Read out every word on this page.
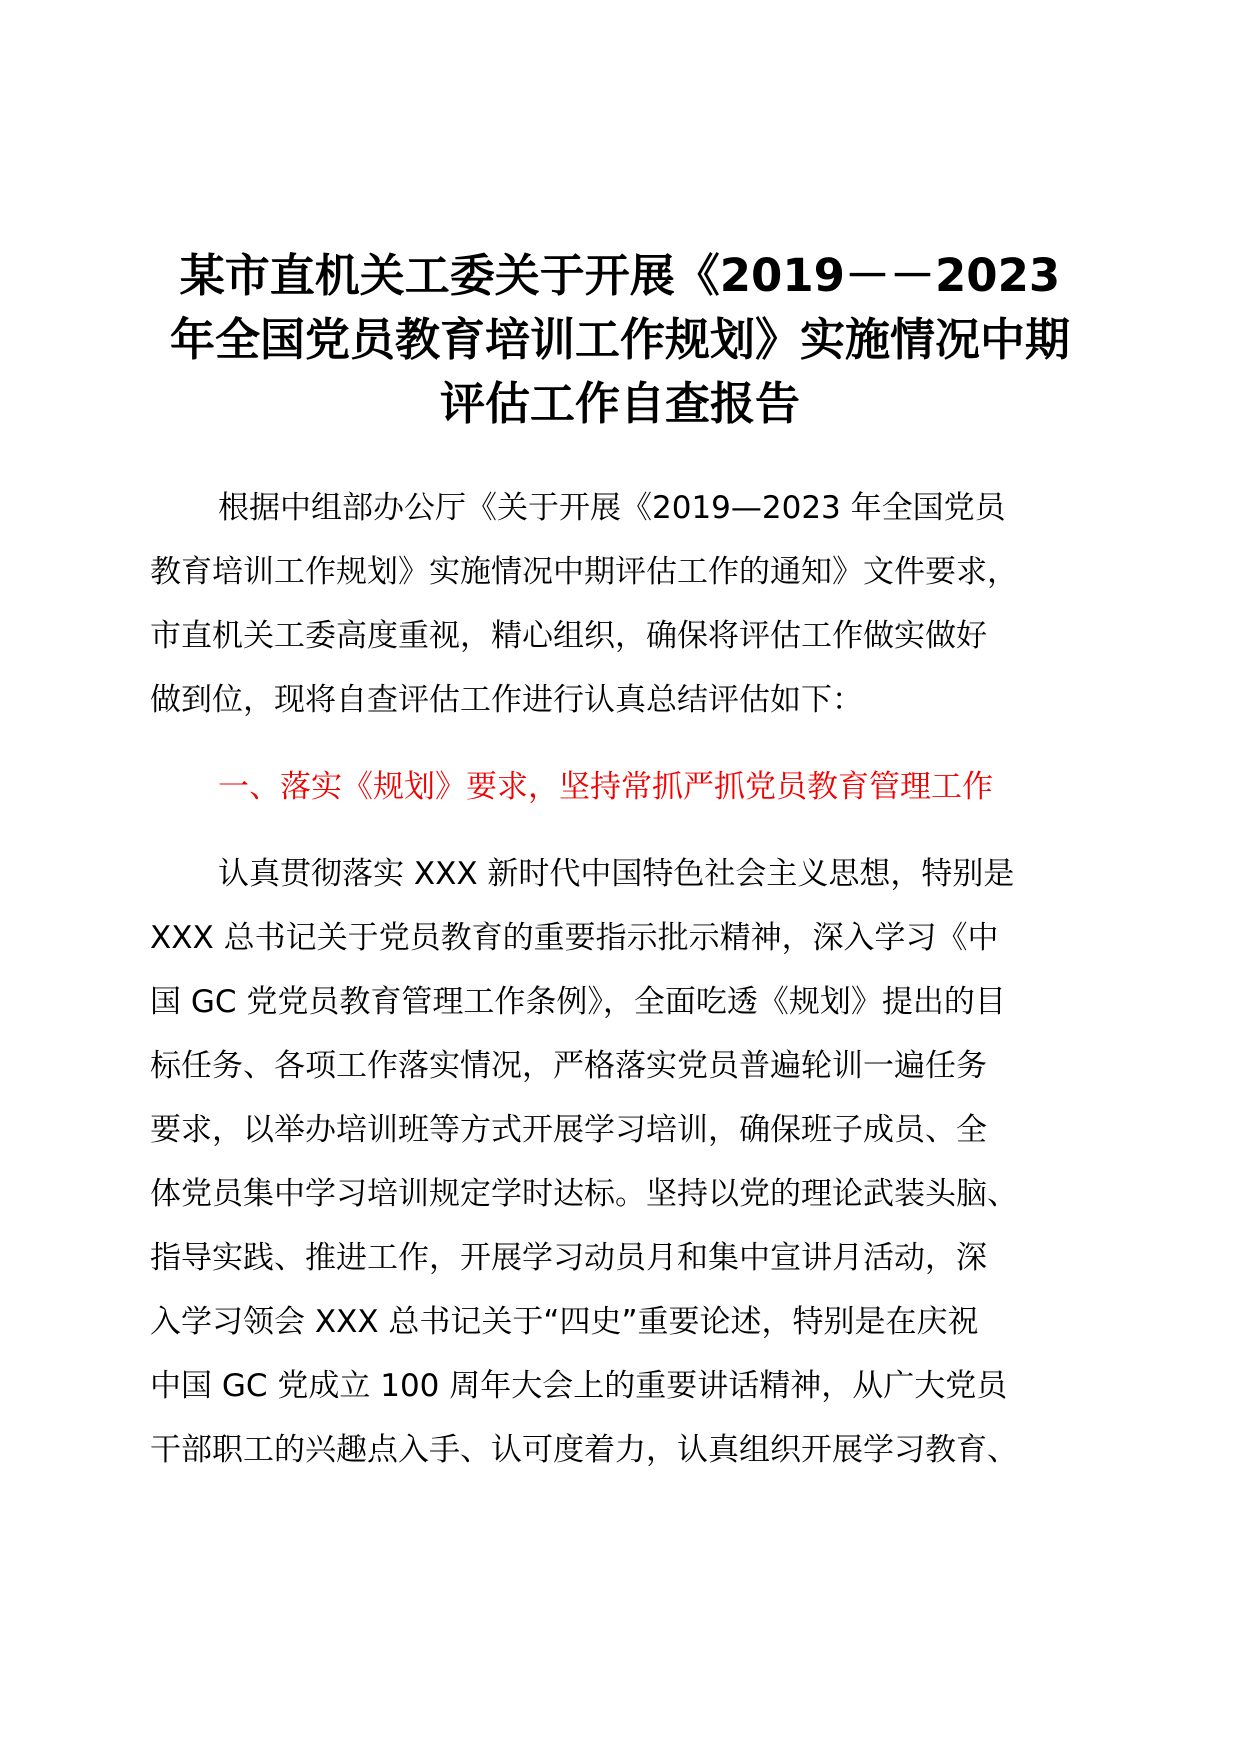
某市直机关工委关于开展《2019－－2023
年全国党员教育培训工作规划》实施情况中期
评估工作自查报告
根据中组部办公厅《关于开展《2019—2023 年全国党员
教育培训工作规划》实施情况中期评估工作的通知》文件要求，
市直机关工委高度重视，精心组织，确保将评估工作做实做好
做到位，现将自查评估工作进行认真总结评估如下：
一、落实《规划》要求，坚持常抓严抓党员教育管理工作
认真贯彻落实 XXX 新时代中国特色社会主义思想，特别是
XXX 总书记关于党员教育的重要指示批示精神，深入学习《中
国 GC 党党员教育管理工作条例》，全面吃透《规划》提出的目
标任务、各项工作落实情况，严格落实党员普遍轮训一遍任务
要求，以举办培训班等方式开展学习培训，确保班子成员、全
体党员集中学习培训规定学时达标。坚持以党的理论武装头脑、
指导实践、推进工作，开展学习动员月和集中宣讲月活动，深
入学习领会 XXX 总书记关于“四史”重要论述，特别是在庆祝
中国 GC 党成立 100 周年大会上的重要讲话精神，从广大党员
干部职工的兴趣点入手、认可度着力，认真组织开展学习教育、
